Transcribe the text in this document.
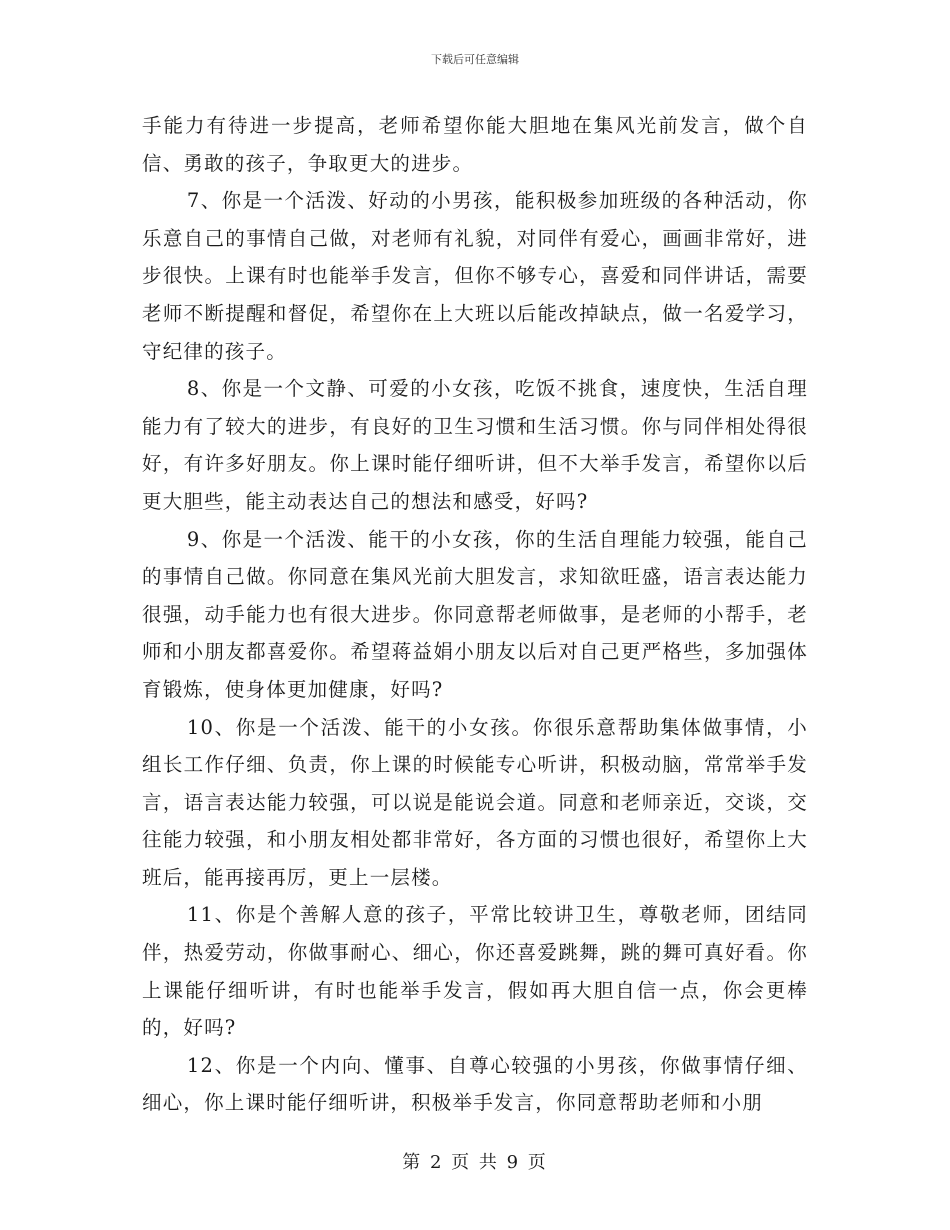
下载后可任意编辑

手能力有待进一步提高，老师希望你能大胆地在集风光前发言，做个自信、勇敢的孩子，争取更大的进步。

7、你是一个活泼、好动的小男孩，能积极参加班级的各种活动，你乐意自己的事情自己做，对老师有礼貌，对同伴有爱心，画画非常好，进步很快。上课有时也能举手发言，但你不够专心，喜爱和同伴讲话，需要老师不断提醒和督促，希望你在上大班以后能改掉缺点，做一名爱学习，守纪律的孩子。

8、你是一个文静、可爱的小女孩，吃饭不挑食，速度快，生活自理能力有了较大的进步，有良好的卫生习惯和生活习惯。你与同伴相处得很好，有许多好朋友。你上课时能仔细听讲，但不大举手发言，希望你以后更大胆些，能主动表达自己的想法和感受，好吗?

9、你是一个活泼、能干的小女孩，你的生活自理能力较强，能自己的事情自己做。你同意在集风光前大胆发言，求知欲旺盛，语言表达能力很强，动手能力也有很大进步。你同意帮老师做事，是老师的小帮手，老师和小朋友都喜爱你。希望蒋益娟小朋友以后对自己更严格些，多加强体育锻炼，使身体更加健康，好吗?

10、你是一个活泼、能干的小女孩。你很乐意帮助集体做事情，小组长工作仔细、负责，你上课的时候能专心听讲，积极动脑，常常举手发言，语言表达能力较强，可以说是能说会道。同意和老师亲近，交谈，交往能力较强，和小朋友相处都非常好，各方面的习惯也很好，希望你上大班后，能再接再厉，更上一层楼。

11、你是个善解人意的孩子，平常比较讲卫生，尊敬老师，团结同伴，热爱劳动，你做事耐心、细心，你还喜爱跳舞，跳的舞可真好看。你上课能仔细听讲，有时也能举手发言，假如再大胆自信一点，你会更棒的，好吗?

12、你是一个内向、懂事、自尊心较强的小男孩，你做事情仔细、细心，你上课时能仔细听讲，积极举手发言，你同意帮助老师和小朋

第 2 页 共 9 页
